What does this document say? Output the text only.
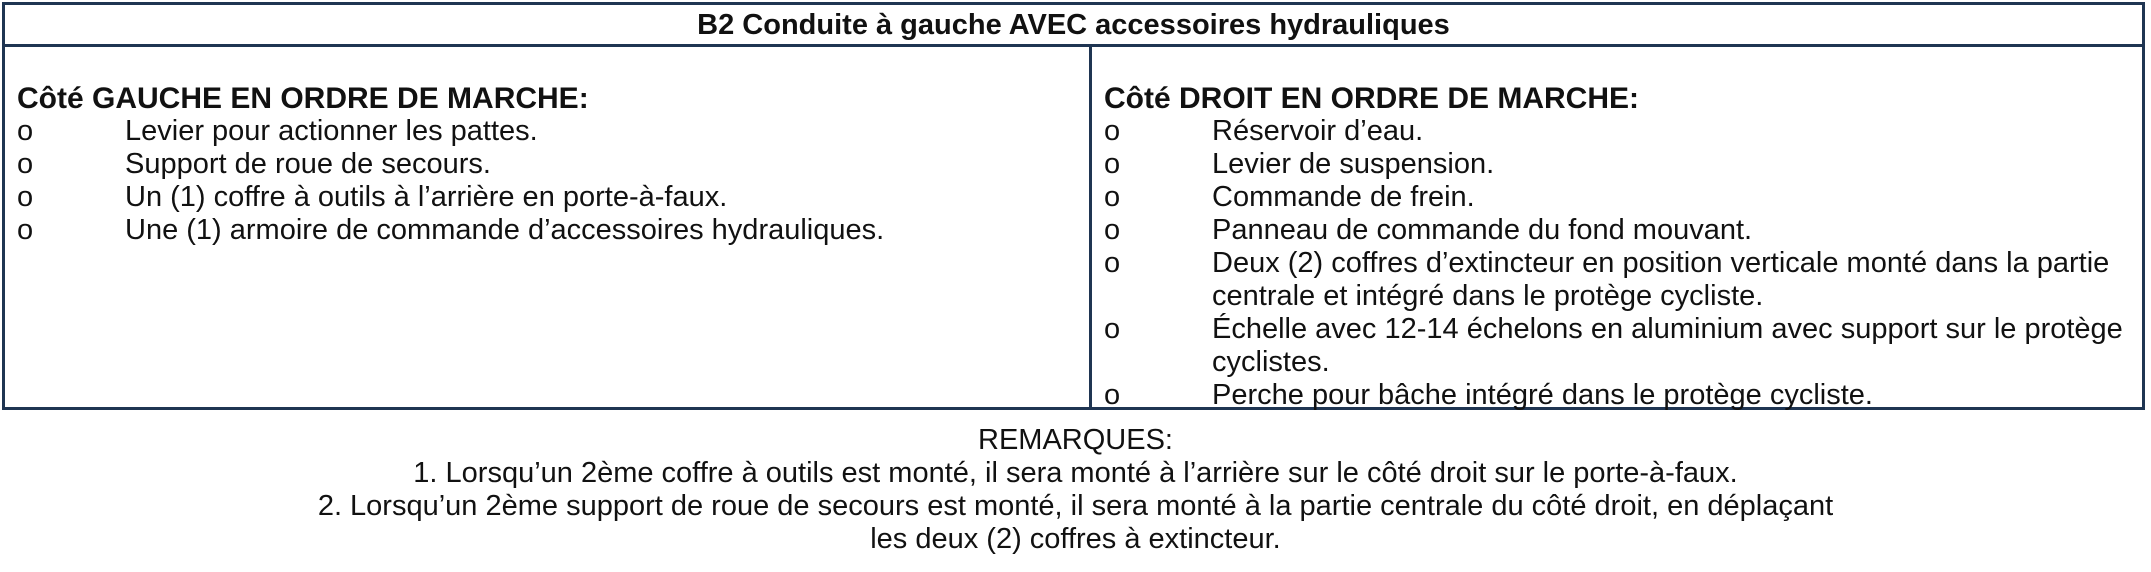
B2 Conduite à gauche AVEC accessoires hydrauliques
Côté GAUCHE EN ORDRE DE MARCHE:
o	Levier pour actionner les pattes.
o	Support de roue de secours.
o	Un (1) coffre à outils à l’arrière en porte-à-faux.
o	Une (1) armoire de commande d’accessoires hydrauliques.
Côté DROIT EN ORDRE DE MARCHE:
o	Réservoir d’eau.
o	Levier de suspension.
o	Commande de frein.
o	Panneau de commande du fond mouvant.
o	Deux (2) coffres d’extincteur en position verticale monté dans la partie centrale et intégré dans le protège cycliste.
o	Échelle avec 12-14 échelons en aluminium avec support sur le protège cyclistes.
o	Perche pour bâche intégré dans le protège cycliste.
REMARQUES:
1. Lorsqu’un 2ème coffre à outils est monté, il sera monté à l’arrière sur le côté droit sur le porte-à-faux.
2. Lorsqu’un 2ème support de roue de secours est monté, il sera monté à la partie centrale du côté droit, en déplaçant
les deux (2) coffres à extincteur.
